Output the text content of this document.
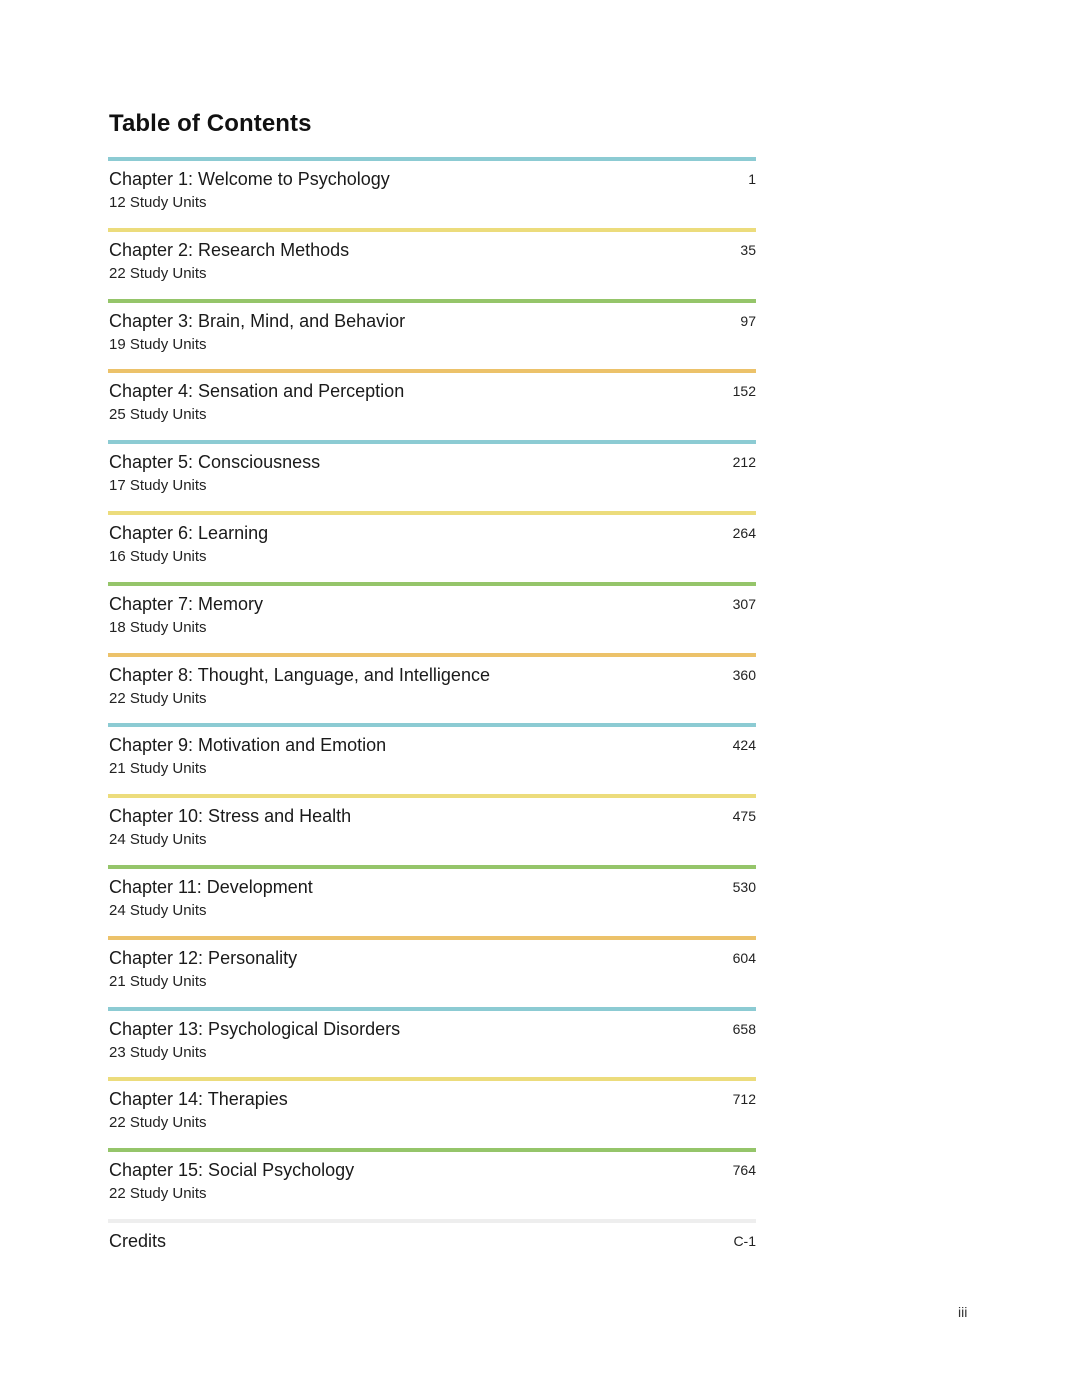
Table of Contents
Chapter 1: Welcome to Psychology
12 Study Units
1
Chapter 2: Research Methods
22 Study Units
35
Chapter 3: Brain, Mind, and Behavior
19 Study Units
97
Chapter 4: Sensation and Perception
25 Study Units
152
Chapter 5: Consciousness
17 Study Units
212
Chapter 6: Learning
16 Study Units
264
Chapter 7: Memory
18 Study Units
307
Chapter 8: Thought, Language, and Intelligence
22 Study Units
360
Chapter 9: Motivation and Emotion
21 Study Units
424
Chapter 10: Stress and Health
24 Study Units
475
Chapter 11: Development
24 Study Units
530
Chapter 12: Personality
21 Study Units
604
Chapter 13: Psychological Disorders
23 Study Units
658
Chapter 14: Therapies
22 Study Units
712
Chapter 15: Social Psychology
22 Study Units
764
Credits	C-1
iii
